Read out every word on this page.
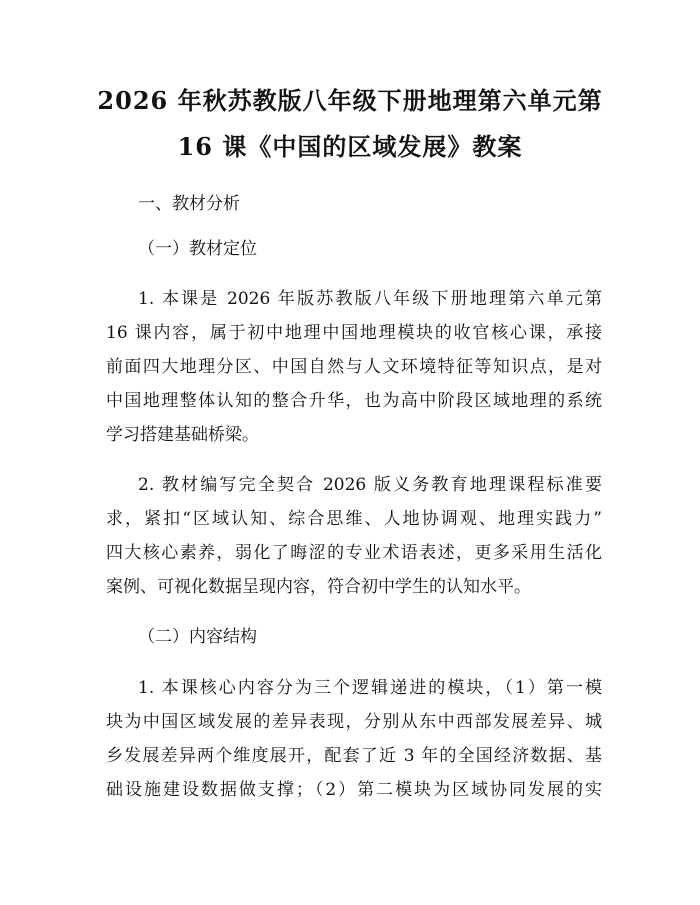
2026 年秋苏教版八年级下册地理第六单元第
16 课《中国的区域发展》教案
一、教材分析
（一）教材定位
1. 本课是 2026 年版苏教版八年级下册地理第六单元第
16 课内容，属于初中地理中国地理模块的收官核心课，承接
前面四大地理分区、中国自然与人文环境特征等知识点，是对
中国地理整体认知的整合升华，也为高中阶段区域地理的系统
学习搭建基础桥梁。
2. 教材编写完全契合 2026 版义务教育地理课程标准要
求，紧扣“区域认知、综合思维、人地协调观、地理实践力”
四大核心素养，弱化了晦涩的专业术语表述，更多采用生活化
案例、可视化数据呈现内容，符合初中学生的认知水平。
（二）内容结构
1. 本课核心内容分为三个逻辑递进的模块，（1）第一模
块为中国区域发展的差异表现，分别从东中西部发展差异、城
乡发展差异两个维度展开，配套了近 3 年的全国经济数据、基
础设施建设数据做支撑；（2）第二模块为区域协同发展的实
